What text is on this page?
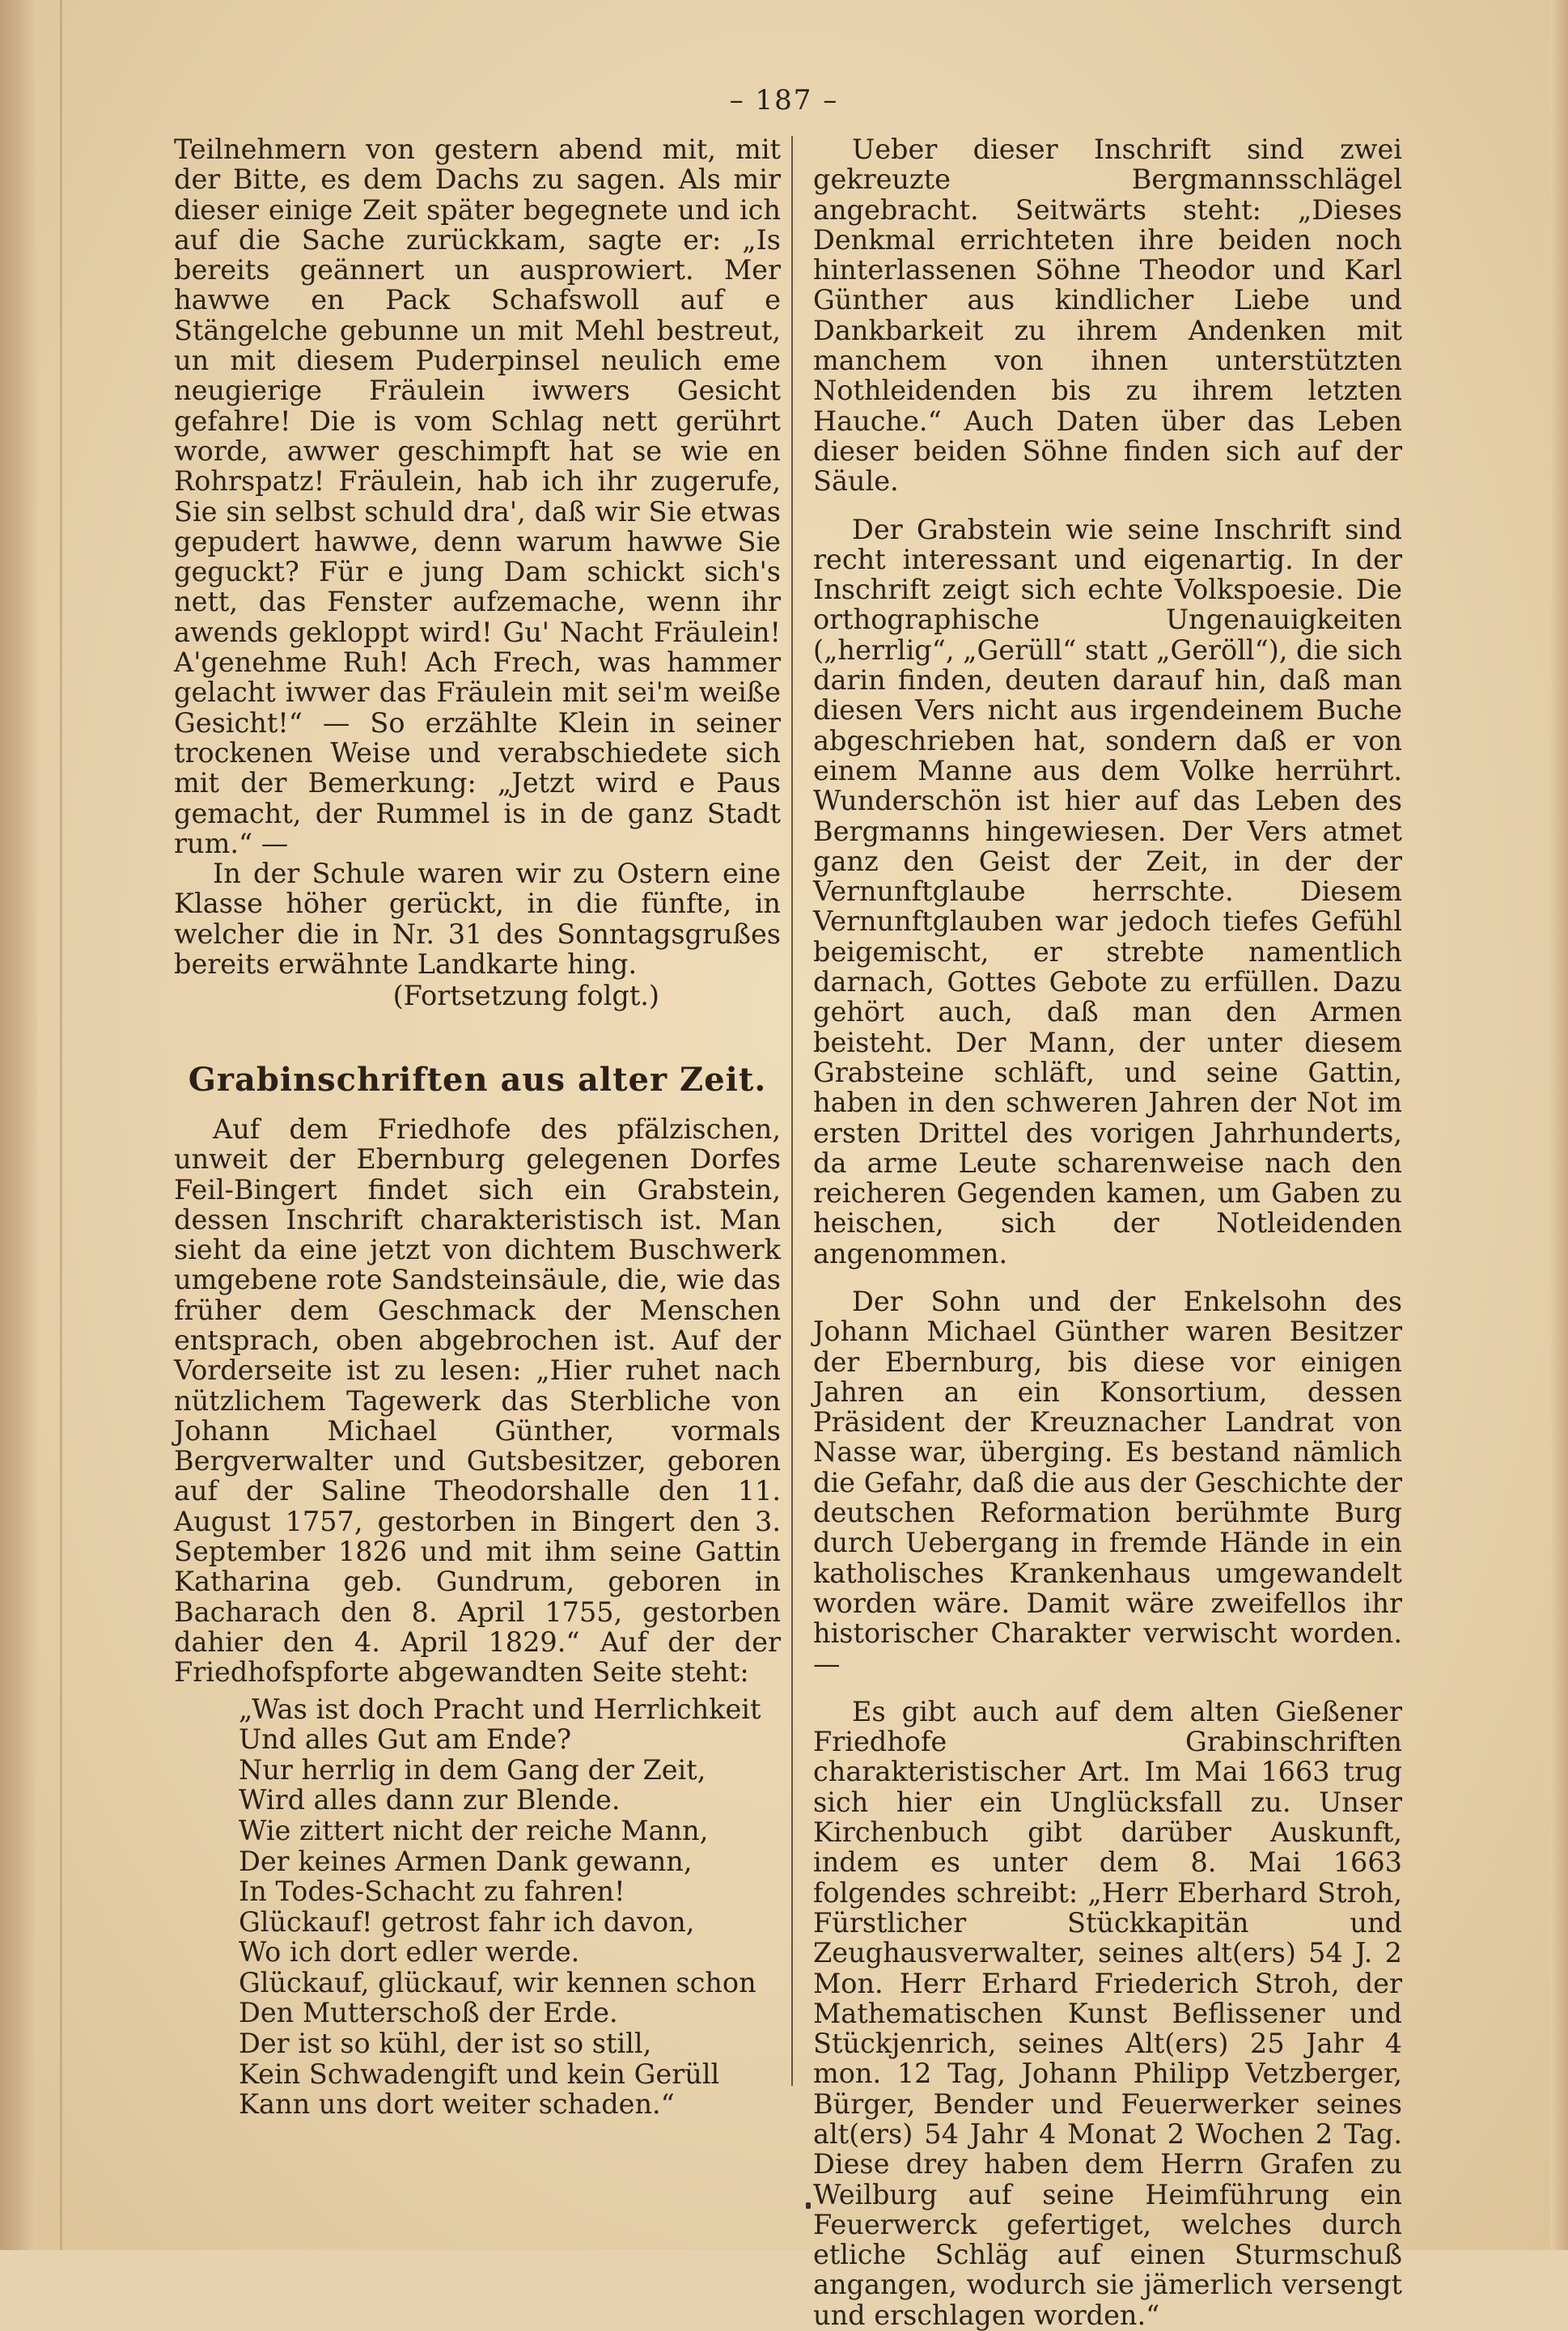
– 187 –

Teilnehmern von gestern abend mit, mit der Bitte, es dem Dachs zu sagen. Als mir dieser einige Zeit später begegnete und ich auf die Sache zurückkam, sagte er: „Is bereits geännert un ausprowiert. Mer hawwe en Pack Schafswoll auf e Stängelche gebunne un mit Mehl bestreut, un mit diesem Puderpinsel neulich eme neugierige Fräulein iwwers Gesicht gefahre! Die is vom Schlag nett gerührt worde, awwer geschimpft hat se wie en Rohrspatz! Fräulein, hab ich ihr zugerufe, Sie sin selbst schuld dra', daß wir Sie etwas gepudert hawwe, denn warum hawwe Sie geguckt? Für e jung Dam schickt sich's nett, das Fenster aufzemache, wenn ihr awends gekloppt wird! Gu' Nacht Fräulein! A'genehme Ruh! Ach Frech, was hammer gelacht iwwer das Fräulein mit sei'm weiße Gesicht!“ — So erzählte Klein in seiner trockenen Weise und verabschiedete sich mit der Bemerkung: „Jetzt wird e Paus gemacht, der Rummel is in de ganz Stadt rum.“ —

In der Schule waren wir zu Ostern eine Klasse höher gerückt, in die fünfte, in welcher die in Nr. 31 des Sonntagsgrußes bereits erwähnte Landkarte hing.

(Fortsetzung folgt.)

Grabinschriften aus alter Zeit.

Auf dem Friedhofe des pfälzischen, unweit der Ebernburg gelegenen Dorfes Feil-Bingert findet sich ein Grabstein, dessen Inschrift charakteristisch ist. Man sieht da eine jetzt von dichtem Buschwerk umgebene rote Sandsteinsäule, die, wie das früher dem Geschmack der Menschen entsprach, oben abgebrochen ist. Auf der Vorderseite ist zu lesen: „Hier ruhet nach nützlichem Tagewerk das Sterbliche von Johann Michael Günther, vormals Bergverwalter und Gutsbesitzer, geboren auf der Saline Theodorshalle den 11. August 1757, gestorben in Bingert den 3. September 1826 und mit ihm seine Gattin Katharina geb. Gundrum, geboren in Bacharach den 8. April 1755, gestorben dahier den 4. April 1829.“ Auf der der Friedhofspforte abgewandten Seite steht:

„Was ist doch Pracht und Herrlichkeit
Und alles Gut am Ende?
Nur herrlig in dem Gang der Zeit,
Wird alles dann zur Blende.
Wie zittert nicht der reiche Mann,
Der keines Armen Dank gewann,
In Todes-Schacht zu fahren!
Glückauf! getrost fahr ich davon,
Wo ich dort edler werde.
Glückauf, glückauf, wir kennen schon
Den Mutterschoß der Erde.
Der ist so kühl, der ist so still,
Kein Schwadengift und kein Gerüll
Kann uns dort weiter schaden.“

Ueber dieser Inschrift sind zwei gekreuzte Bergmannsschlägel angebracht. Seitwärts steht: „Dieses Denkmal errichteten ihre beiden noch hinterlassenen Söhne Theodor und Karl Günther aus kindlicher Liebe und Dankbarkeit zu ihrem Andenken mit manchem von ihnen unterstützten Nothleidenden bis zu ihrem letzten Hauche.“ Auch Daten über das Leben dieser beiden Söhne finden sich auf der Säule.

Der Grabstein wie seine Inschrift sind recht interessant und eigenartig. In der Inschrift zeigt sich echte Volkspoesie. Die orthographische Ungenauigkeiten („herrlig“, „Gerüll“ statt „Geröll“), die sich darin finden, deuten darauf hin, daß man diesen Vers nicht aus irgendeinem Buche abgeschrieben hat, sondern daß er von einem Manne aus dem Volke herrührt. Wunderschön ist hier auf das Leben des Bergmanns hingewiesen. Der Vers atmet ganz den Geist der Zeit, in der der Vernunftglaube herrschte. Diesem Vernunftglauben war jedoch tiefes Gefühl beigemischt, er strebte namentlich darnach, Gottes Gebote zu erfüllen. Dazu gehört auch, daß man den Armen beisteht. Der Mann, der unter diesem Grabsteine schläft, und seine Gattin, haben in den schweren Jahren der Not im ersten Drittel des vorigen Jahrhunderts, da arme Leute scharenweise nach den reicheren Gegenden kamen, um Gaben zu heischen, sich der Notleidenden angenommen.

Der Sohn und der Enkelsohn des Johann Michael Günther waren Besitzer der Ebernburg, bis diese vor einigen Jahren an ein Konsortium, dessen Präsident der Kreuznacher Landrat von Nasse war, überging. Es bestand nämlich die Gefahr, daß die aus der Geschichte der deutschen Reformation berühmte Burg durch Uebergang in fremde Hände in ein katholisches Krankenhaus umgewandelt worden wäre. Damit wäre zweifellos ihr historischer Charakter verwischt worden. —

Es gibt auch auf dem alten Gießener Friedhofe Grabinschriften charakteristischer Art. Im Mai 1663 trug sich hier ein Unglücksfall zu. Unser Kirchenbuch gibt darüber Auskunft, indem es unter dem 8. Mai 1663 folgendes schreibt: „Herr Eberhard Stroh, Fürstlicher Stückkapitän und Zeughausverwalter, seines alt(ers) 54 J. 2 Mon. Herr Erhard Friederich Stroh, der Mathematischen Kunst Beflissener und Stückjenrich, seines Alt(ers) 25 Jahr 4 mon. 12 Tag, Johann Philipp Vetzberger, Bürger, Bender und Feuerwerker seines alt(ers) 54 Jahr 4 Monat 2 Wochen 2 Tag. Diese drey haben dem Herrn Grafen zu Weilburg auf seine Heimführung ein Feuerwerck gefertiget, welches durch etliche Schläg auf einen Sturmschuß angangen, wodurch sie jämerlich versengt und erschlagen worden.“
